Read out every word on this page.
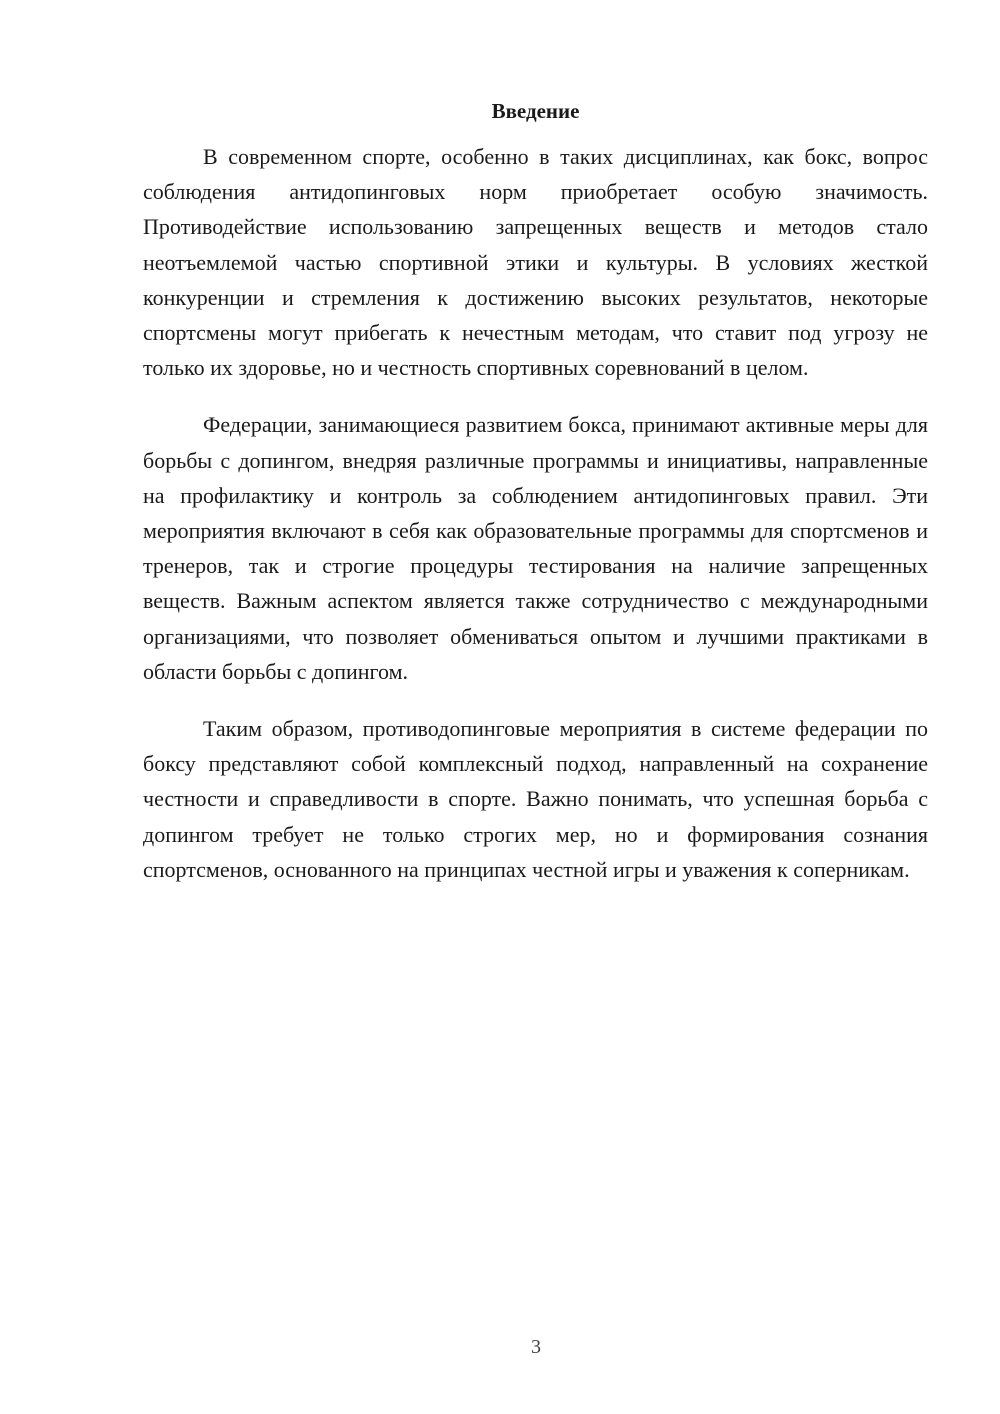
Введение

В современном спорте, особенно в таких дисциплинах, как бокс, вопрос соблюдения антидопинговых норм приобретает особую значимость. Противодействие использованию запрещенных веществ и методов стало неотъемлемой частью спортивной этики и культуры. В условиях жесткой конкуренции и стремления к достижению высоких результатов, некоторые спортсмены могут прибегать к нечестным методам, что ставит под угрозу не только их здоровье, но и честность спортивных соревнований в целом.

Федерации, занимающиеся развитием бокса, принимают активные меры для борьбы с допингом, внедряя различные программы и инициативы, направленные на профилактику и контроль за соблюдением антидопинговых правил. Эти мероприятия включают в себя как образовательные программы для спортсменов и тренеров, так и строгие процедуры тестирования на наличие запрещенных веществ. Важным аспектом является также сотрудничество с международными организациями, что позволяет обмениваться опытом и лучшими практиками в области борьбы с допингом.

Таким образом, противодопинговые мероприятия в системе федерации по боксу представляют собой комплексный подход, направленный на сохранение честности и справедливости в спорте. Важно понимать, что успешная борьба с допингом требует не только строгих мер, но и формирования сознания спортсменов, основанного на принципах честной игры и уважения к соперникам.

3
